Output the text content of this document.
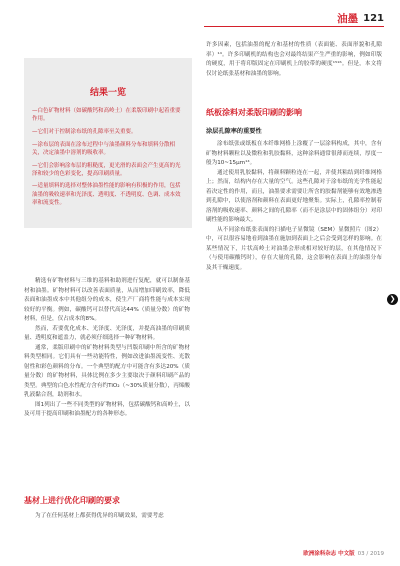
油墨 121
结果一览
— 白色矿物材料（如碳酸钙和高岭土）在柔版印刷中起着重要作用。
— 它们对于控制涂布纸的孔隙率至关重要。
— 涂布层的表面在涂布过程中与油墨颜料分布和填料分散相关，决定油墨中溶剂的吸收率。
— 它们会影响涂布层的粗糙度，更光滑的表面会产生更高的光泽和较少的色彩变化，提高印刷质量。
— 适量填料的选择对整体油墨性能的影响有积极的作用，包括油墨的吸收速率和光泽度、透明度、不透明度、色调、成本效率和流变性。

精选有矿物材料与三维的基料和助剂进行复配，就可以制备基材和油墨。矿物材料可以改善表面质量，从而增加印刷效率，降低表面和油墨成本中其他组分的成本，使生产厂商将性能与成本实现较好的平衡。例如，碳酸钙可以替代高达44%（质量分数）的矿物材料，但是，仅占成本的8%。

然而，若要优化成本、光泽度、光泽度，并提高油墨的印刷质量、透明度和遮盖力，就必须仔细选择一种矿物材料。

通常，柔版印刷中的矿物材料类型与凹版印刷中所含的矿物材料类型相同。它们具有一些功能特性，例如改进油墨流变性、光散射性和彩色颜料的分布。一个典型的配方中可能含有多达20%（质量分数）的矿物材料，具体比例在多少主要取决于颜料印刷产品的类型。典型的白色水性配方含有约TiO₂（~30%质量分数），丙烯酸乳液黏合剂，助剂和水。

图1列出了一些不同类型的矿物材料，包括碳酸钙和高岭土，以及可用于提高印刷和油墨配方的各种形态。

基材上进行优化印刷的要求
为了在任何基材上都获得优异的印刷效果，需要考虑

许多因素，包括油墨的配方和基材的性质（表面能、表面形貌和孔隙率）¹⁴。许多印刷机的结构也会对最终结果产生严重的影响，例如印版的硬度，用于将印版固定在印刷机上的胶带的硬度¹⁵¹⁶。但是，本文将仅讨论纸张基材和油墨的影响。

纸板涂料对柔版印刷的影响
涂层孔隙率的重要性

涂布纸张或纸板在本纤维网格上涂覆了一层涂料构成，其中，含有矿物材料颗粒以及微粒和乳胶黏料，这种涂料通常很薄而连续，厚度一般为10~15μm¹⁴。

通过使用乳胶黏料，将颜料颗粒连在一起，并使其粘结到纤维网格上；然而，结构内存在大量的空气。这些孔隙对于涂布纸的光学性能起着决定性的作用，而且，油墨要求需要让所含的胶黏剂能够有效地渗透到孔隙中，以使溶剂和颜料在表面更好地聚集。实际上，孔隙率控制着溶剂的吸收速率、颜料之间的孔隙率（而不是涂层中的固体组分）对印刷性能的影响最大。

从不同涂布纸张表面的扫描电子显微镜（SEM）显微照片（图2）中，可以很容易地看到油墨在施加到表面上之后会受到怎样的影响。在某些情况下，片状高岭土对油墨会形成相对较好的层，在其他情况下（与使用碳酸钙时），存在大量的孔隙，这会影响在表面上的油墨分布及其干燥速度。

❯
欧洲涂料杂志 中文版 03 / 2019
